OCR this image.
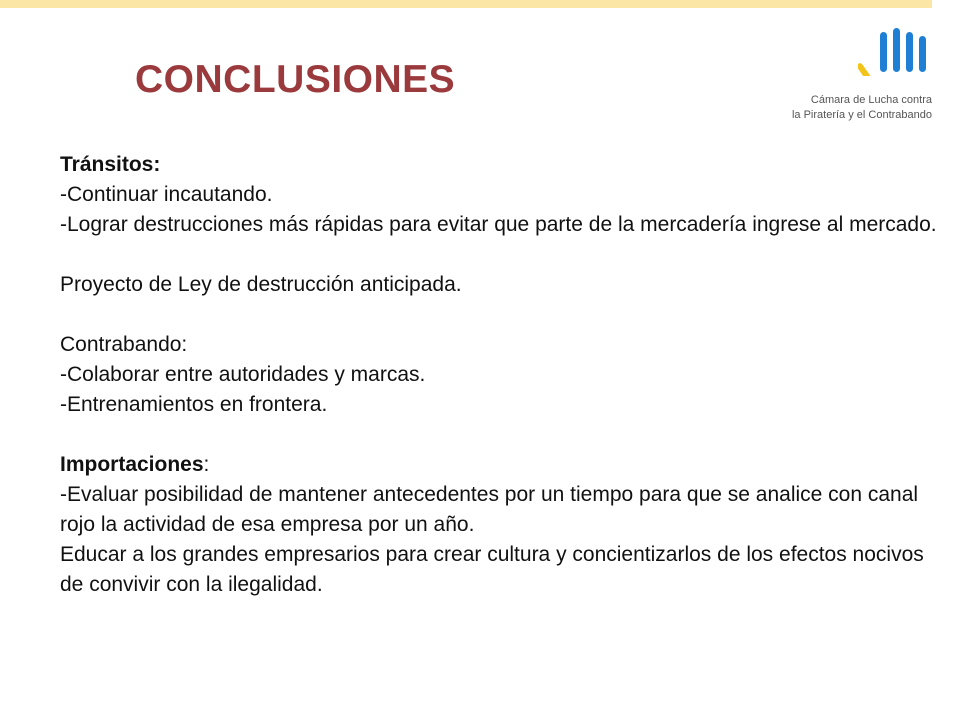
CONCLUSIONES	Cámara de Lucha contra
la Piratería y el Contrabando

Tránsitos:

-Continuar incautando.

-Lograr destrucciones más rápidas para evitar que parte de la mercadería ingrese al mercado.

Proyecto de Ley de destrucción anticipada.

Contrabando:

-Colaborar entre autoridades y marcas.

-Entrenamientos en frontera.

Importaciones:

-Evaluar posibilidad de mantener antecedentes por un tiempo para que se analice con canal rojo la actividad de esa empresa por un año.

Educar a los grandes empresarios para crear cultura y concientizarlos de los efectos nocivos de convivir con la ilegalidad.
